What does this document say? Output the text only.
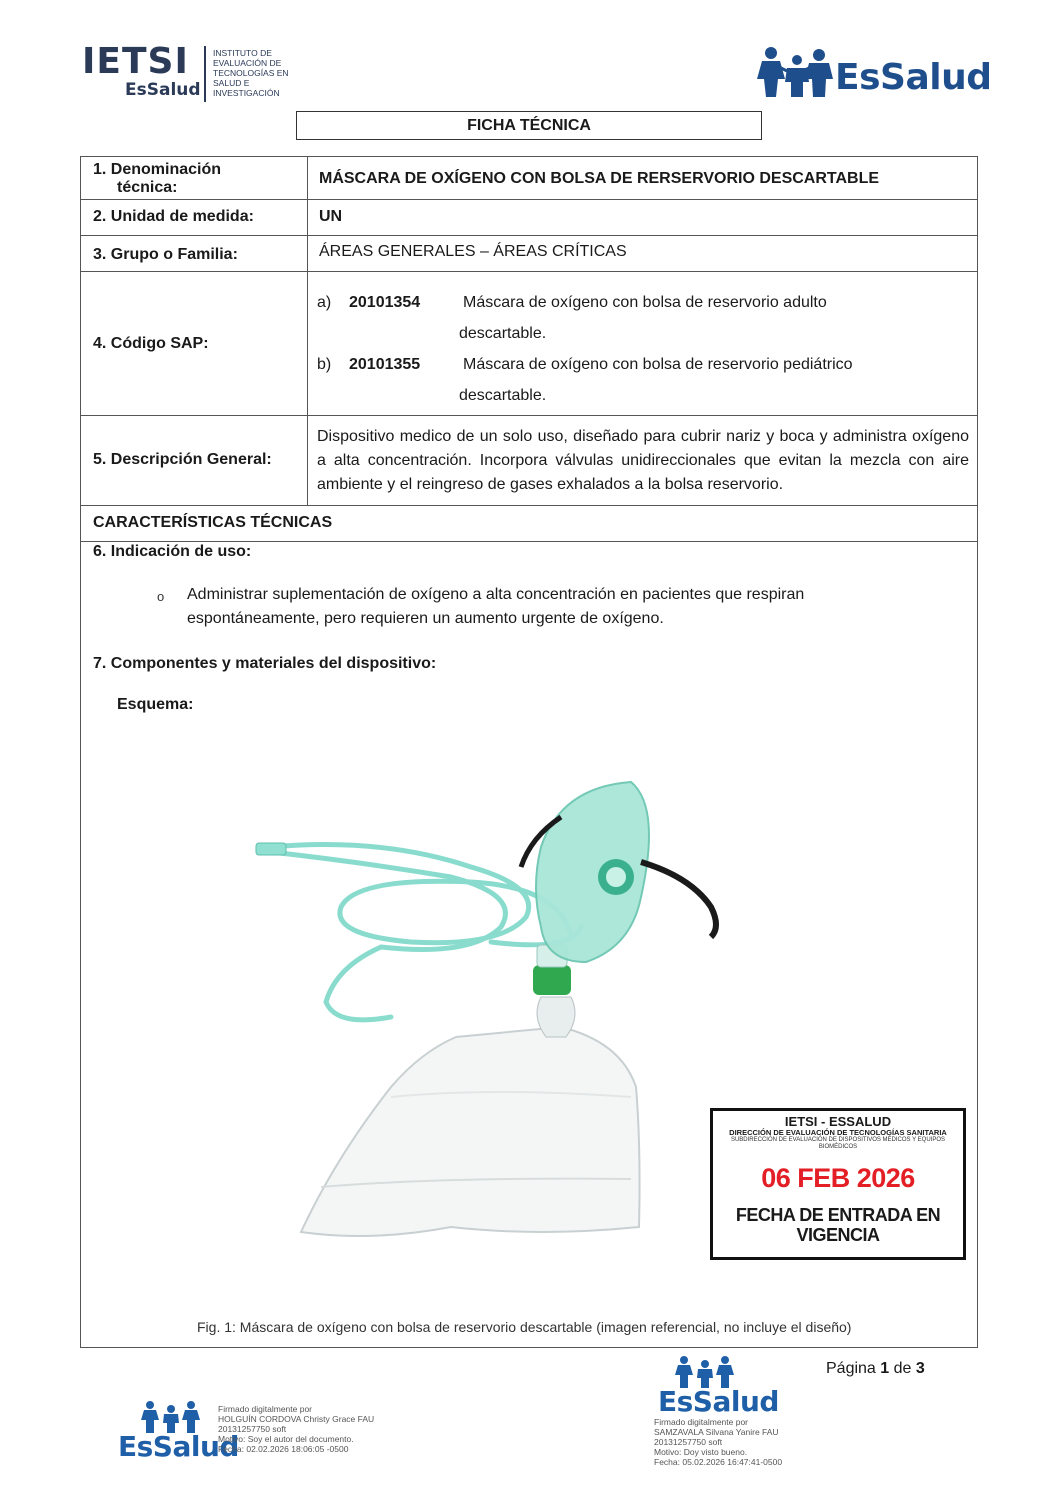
IETSI
EsSalud
INSTITUTO DE
EVALUACIÓN DE
TECNOLOGÍAS EN
SALUD E
INVESTIGACIÓN	EsSalud
FICHA TÉCNICA
1. Denominación
técnica:
MÁSCARA DE OXÍGENO CON BOLSA DE RERSERVORIO DESCARTABLE
2. Unidad de medida:	UN
3. Grupo o Familia:	ÁREAS GENERALES – ÁREAS CRÍTICAS
4. Código SAP:
a) 20101354	Máscara de oxígeno con bolsa de reservorio adulto
descartable.
b) 20101355	Máscara de oxígeno con bolsa de reservorio pediátrico
descartable.
5. Descripción General:
Dispositivo medico de un solo uso, diseñado para cubrir nariz y boca y administra oxígeno a alta concentración. Incorpora válvulas unidireccionales que evitan la mezcla con aire ambiente y el reingreso de gases exhalados a la bolsa reservorio.
CARACTERÍSTICAS TÉCNICAS
6. Indicación de uso:
o Administrar suplementación de oxígeno a alta concentración en pacientes que respiran espontáneamente, pero requieren un aumento urgente de oxígeno.
7. Componentes y materiales del dispositivo:
Esquema:
IETSI - ESSALUD
DIRECCIÓN DE EVALUACIÓN DE TECNOLOGÍAS SANITARIA
SUBDIRECCIÓN DE EVALUACIÓN DE DISPOSITIVOS MÉDICOS Y EQUIPOS BIOMÉDICOS
06 FEB 2026
FECHA DE ENTRADA EN VIGENCIA
Fig. 1: Máscara de oxígeno con bolsa de reservorio descartable (imagen referencial, no incluye el diseño)
Página 1 de 3
EsSalud
Firmado digitalmente por
HOLGUÍN CORDOVA Christy Grace FAU
20131257750 soft
Motivo: Soy el autor del documento.
Fecha: 02.02.2026 18:06:05 -0500
EsSalud
Firmado digitalmente por
SAMZAVALA Silvana Yanire FAU
20131257750 soft
Motivo: Doy visto bueno.
Fecha: 05.02.2026 16:47:41-0500
